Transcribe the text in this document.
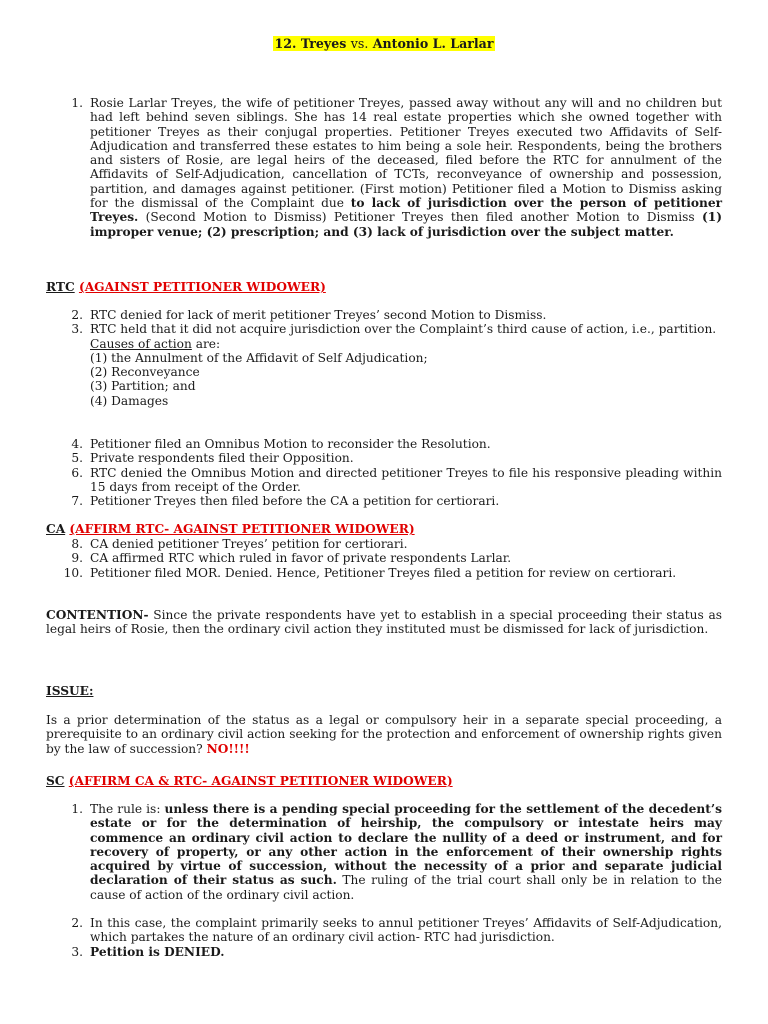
12. Treyes vs. Antonio L. Larlar
1. Rosie Larlar Treyes, the wife of petitioner Treyes, passed away without any will and no children but had left behind seven siblings. She has 14 real estate properties which she owned together with petitioner Treyes as their conjugal properties. Petitioner Treyes executed two Affidavits of Self- Adjudication and transferred these estates to him being a sole heir. Respondents, being the brothers and sisters of Rosie, are legal heirs of the deceased, filed before the RTC for annulment of the Affidavits of Self-Adjudication, cancellation of TCTs, reconveyance of ownership and possession, partition, and damages against petitioner. (First motion) Petitioner filed a Motion to Dismiss asking for the dismissal of the Complaint due to lack of jurisdiction over the person of petitioner Treyes. (Second Motion to Dismiss) Petitioner Treyes then filed another Motion to Dismiss (1) improper venue; (2) prescription; and (3) lack of jurisdiction over the subject matter.
RTC (AGAINST PETITIONER WIDOWER)
2. RTC denied for lack of merit petitioner Treyes’ second Motion to Dismiss.
3. RTC held that it did not acquire jurisdiction over the Complaint’s third cause of action, i.e., partition.
Causes of action are:
(1) the Annulment of the Affidavit of Self Adjudication;
(2) Reconveyance
(3) Partition; and
(4) Damages
4. Petitioner filed an Omnibus Motion to reconsider the Resolution.
5. Private respondents filed their Opposition.
6. RTC denied the Omnibus Motion and directed petitioner Treyes to file his responsive pleading within 15 days from receipt of the Order.
7. Petitioner Treyes then filed before the CA a petition for certiorari.
CA (AFFIRM RTC- AGAINST PETITIONER WIDOWER)
8. CA denied petitioner Treyes’ petition for certiorari.
9. CA affirmed RTC which ruled in favor of private respondents Larlar.
10. Petitioner filed MOR. Denied. Hence, Petitioner Treyes filed a petition for review on certiorari.
CONTENTION- Since the private respondents have yet to establish in a special proceeding their status as legal heirs of Rosie, then the ordinary civil action they instituted must be dismissed for lack of jurisdiction.
ISSUE:
Is a prior determination of the status as a legal or compulsory heir in a separate special proceeding, a prerequisite to an ordinary civil action seeking for the protection and enforcement of ownership rights given by the law of succession? NO!!!!
SC (AFFIRM CA & RTC- AGAINST PETITIONER WIDOWER)
1. The rule is: unless there is a pending special proceeding for the settlement of the decedent’s estate or for the determination of heirship, the compulsory or intestate heirs may commence an ordinary civil action to declare the nullity of a deed or instrument, and for recovery of property, or any other action in the enforcement of their ownership rights acquired by virtue of succession, without the necessity of a prior and separate judicial declaration of their status as such. The ruling of the trial court shall only be in relation to the cause of action of the ordinary civil action.
2. In this case, the complaint primarily seeks to annul petitioner Treyes’ Affidavits of Self-Adjudication, which partakes the nature of an ordinary civil action- RTC had jurisdiction.
3. Petition is DENIED.
